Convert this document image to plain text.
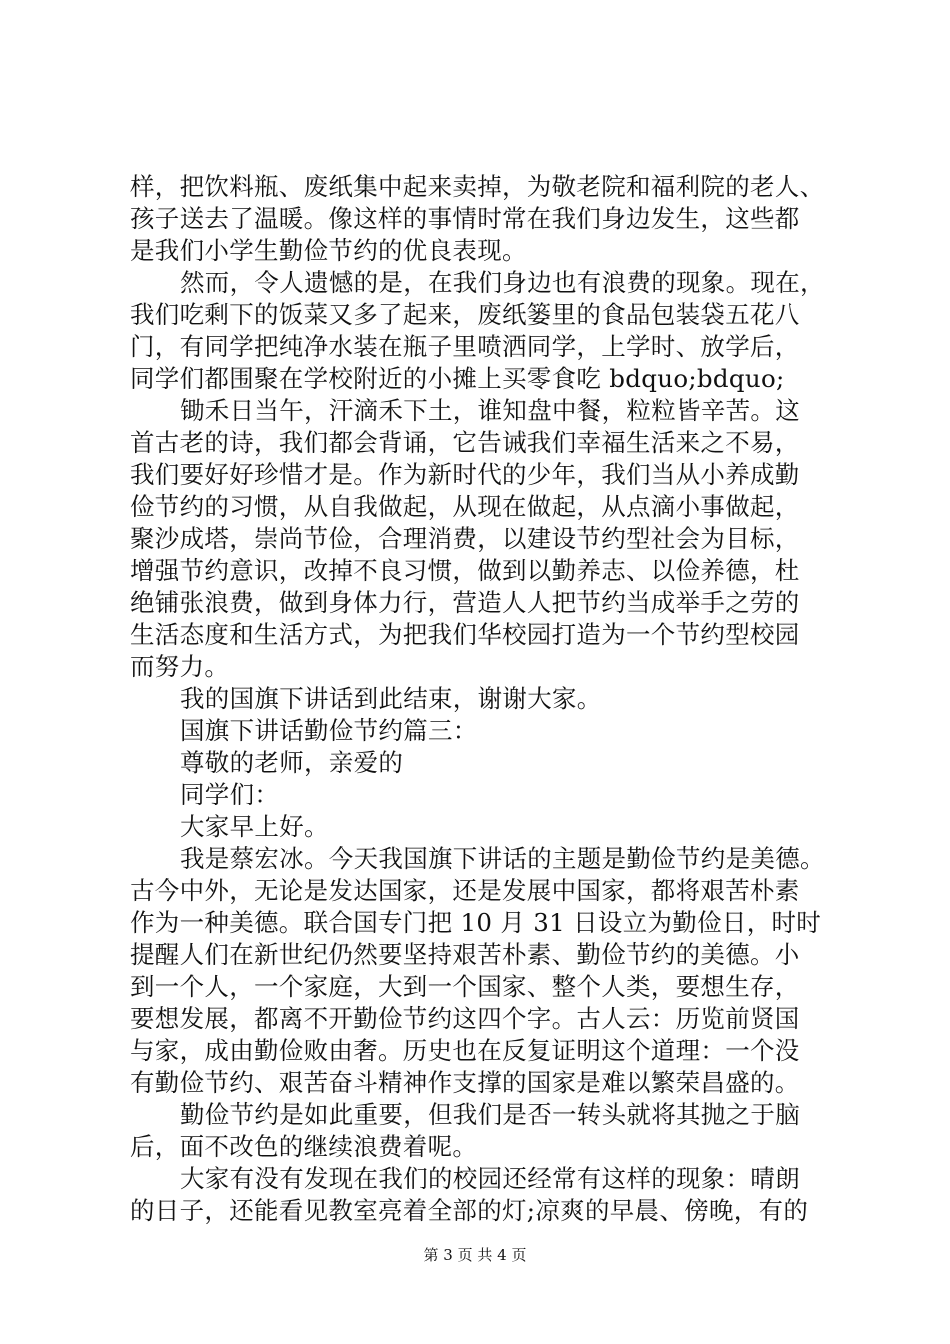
样，把饮料瓶、废纸集中起来卖掉，为敬老院和福利院的老人、
孩子送去了温暖。像这样的事情时常在我们身边发生，这些都
是我们小学生勤俭节约的优良表现。
然而，令人遗憾的是，在我们身边也有浪费的现象。现在，
我们吃剩下的饭菜又多了起来，废纸篓里的食品包装袋五花八
门，有同学把纯净水装在瓶子里喷洒同学，上学时、放学后，
同学们都围聚在学校附近的小摊上买零食吃 bdquo;bdquo;
锄禾日当午，汗滴禾下土，谁知盘中餐，粒粒皆辛苦。这
首古老的诗，我们都会背诵，它告诫我们幸福生活来之不易，
我们要好好珍惜才是。作为新时代的少年，我们当从小养成勤
俭节约的习惯，从自我做起，从现在做起，从点滴小事做起，
聚沙成塔，崇尚节俭，合理消费，以建设节约型社会为目标，
增强节约意识，改掉不良习惯，做到以勤养志、以俭养德，杜
绝铺张浪费，做到身体力行，营造人人把节约当成举手之劳的
生活态度和生活方式，为把我们华校园打造为一个节约型校园
而努力。
我的国旗下讲话到此结束，谢谢大家。
国旗下讲话勤俭节约篇三：
尊敬的老师，亲爱的
同学们：
大家早上好。
我是蔡宏冰。今天我国旗下讲话的主题是勤俭节约是美德。
古今中外，无论是发达国家，还是发展中国家，都将艰苦朴素
作为一种美德。联合国专门把 10 月 31 日设立为勤俭日，时时
提醒人们在新世纪仍然要坚持艰苦朴素、勤俭节约的美德。小
到一个人，一个家庭，大到一个国家、整个人类，要想生存，
要想发展，都离不开勤俭节约这四个字。古人云：历览前贤国
与家，成由勤俭败由奢。历史也在反复证明这个道理：一个没
有勤俭节约、艰苦奋斗精神作支撑的国家是难以繁荣昌盛的。
勤俭节约是如此重要，但我们是否一转头就将其抛之于脑
后，面不改色的继续浪费着呢。
大家有没有发现在我们的校园还经常有这样的现象：晴朗
的日子，还能看见教室亮着全部的灯;凉爽的早晨、傍晚，有的
第 3 页 共 4 页
